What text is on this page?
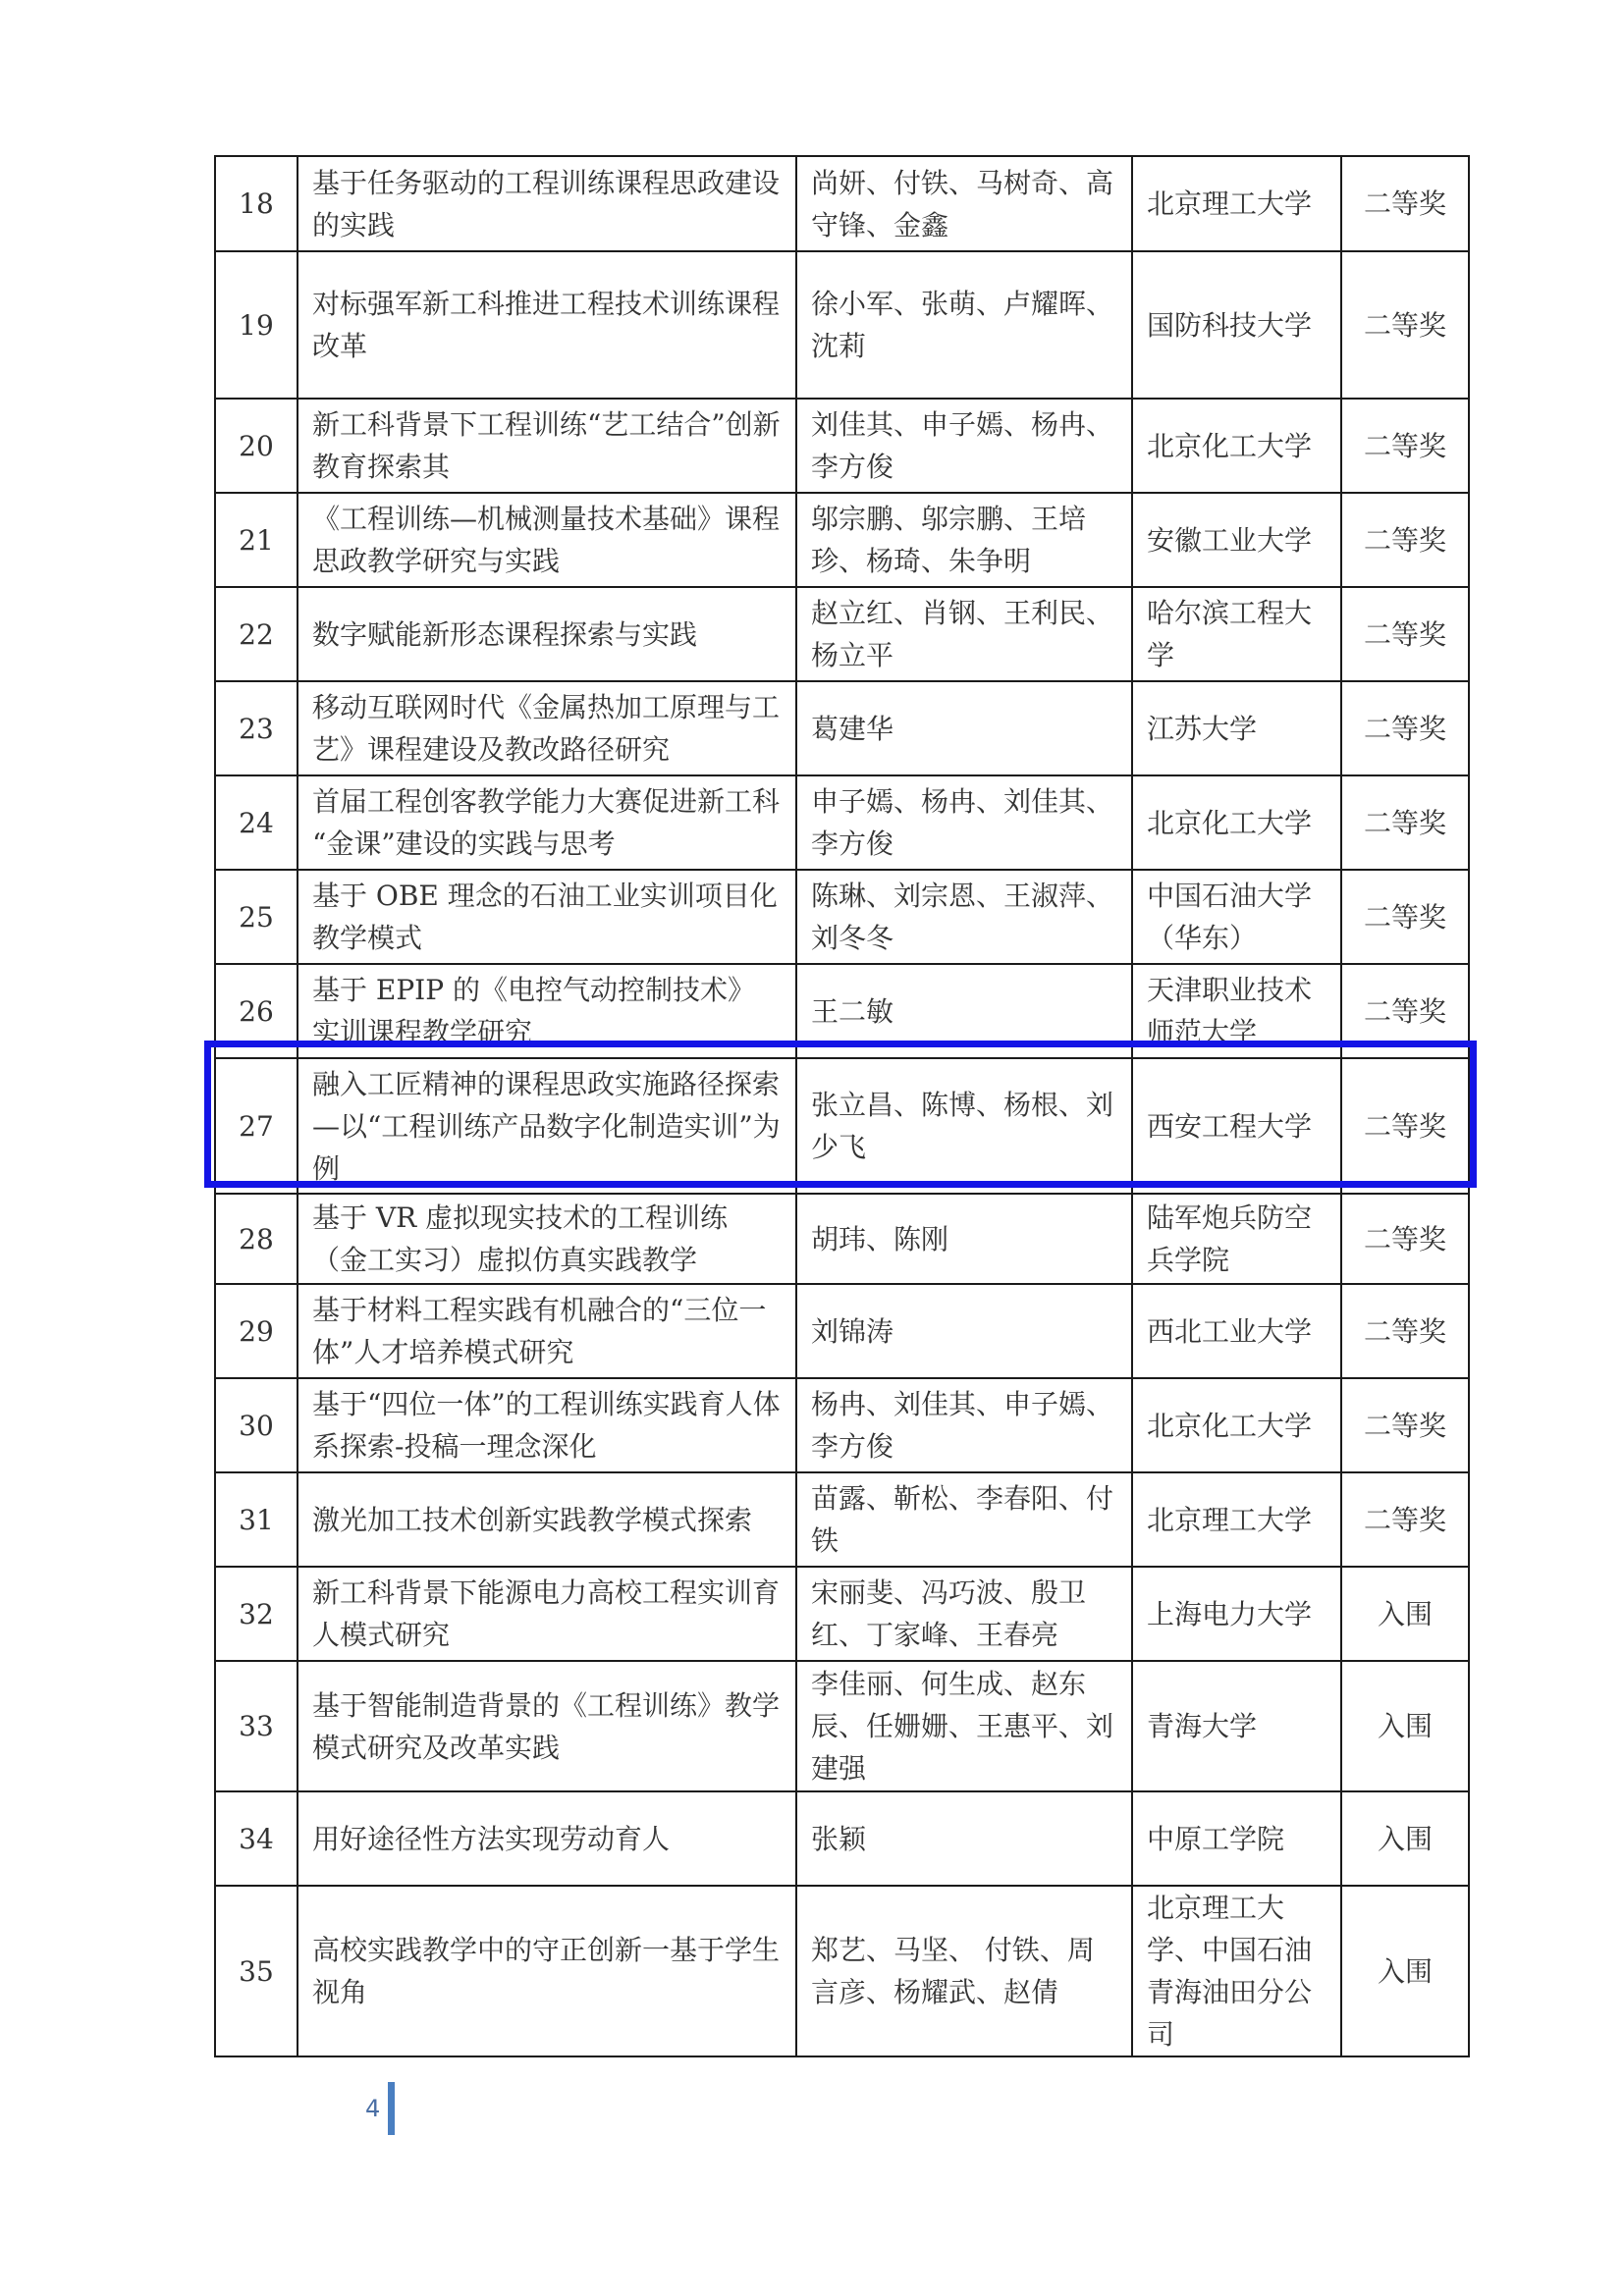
18	基于任务驱动的工程训练课程思政建设的实践	尚妍、付铁、马树奇、高守锋、金鑫	北京理工大学	二等奖
19	对标强军新工科推进工程技术训练课程改革	徐小军、张萌、卢耀晖、沈莉	国防科技大学	二等奖
20	新工科背景下工程训练“艺工结合”创新教育探索其	刘佳其、申子嫣、杨冉、李方俊	北京化工大学	二等奖
21	《工程训练—机械测量技术基础》课程思政教学研究与实践	邬宗鹏、邬宗鹏、王培珍、杨琦、朱争明	安徽工业大学	二等奖
22	数字赋能新形态课程探索与实践	赵立红、肖钢、王利民、杨立平	哈尔滨工程大学	二等奖
23	移动互联网时代《金属热加工原理与工艺》课程建设及教改路径研究	葛建华	江苏大学	二等奖
24	首届工程创客教学能力大赛促进新工科 “金课”建设的实践与思考	申子嫣、杨冉、刘佳其、李方俊	北京化工大学	二等奖
25	基于 OBE 理念的石油工业实训项目化教学模式	陈琳、刘宗恩、王淑萍、刘冬冬	中国石油大学（华东）	二等奖
26	基于 EPIP 的《电控气动控制技术》实训课程教学研究	王二敏	天津职业技术师范大学	二等奖
27	融入工匠精神的课程思政实施路径探索—以“工程训练产品数字化制造实训”为例	张立昌、陈博、杨根、刘少飞	西安工程大学	二等奖
28	基于 VR 虚拟现实技术的工程训练（金工实习）虚拟仿真实践教学	胡玮、陈刚	陆军炮兵防空兵学院	二等奖
29	基于材料工程实践有机融合的“三位一体”人才培养模式研究	刘锦涛	西北工业大学	二等奖
30	基于“四位一体”的工程训练实践育人体系探索-投稿一理念深化	杨冉、刘佳其、申子嫣、李方俊	北京化工大学	二等奖
31	激光加工技术创新实践教学模式探索	苗露、靳松、李春阳、付铁	北京理工大学	二等奖
32	新工科背景下能源电力高校工程实训育人模式研究	宋丽斐、冯巧波、殷卫红、丁家峰、王春亮	上海电力大学	入围
33	基于智能制造背景的《工程训练》教学模式研究及改革实践	李佳丽、何生成、赵东辰、任姗姗、王惠平、刘建强	青海大学	入围
34	用好途径性方法实现劳动育人	张颖	中原工学院	入围
35	高校实践教学中的守正创新一基于学生视角	郑艺、马坚、 付铁、周言彦、杨耀武、赵倩	北京理工大学、中国石油青海油田分公司	入围
4
